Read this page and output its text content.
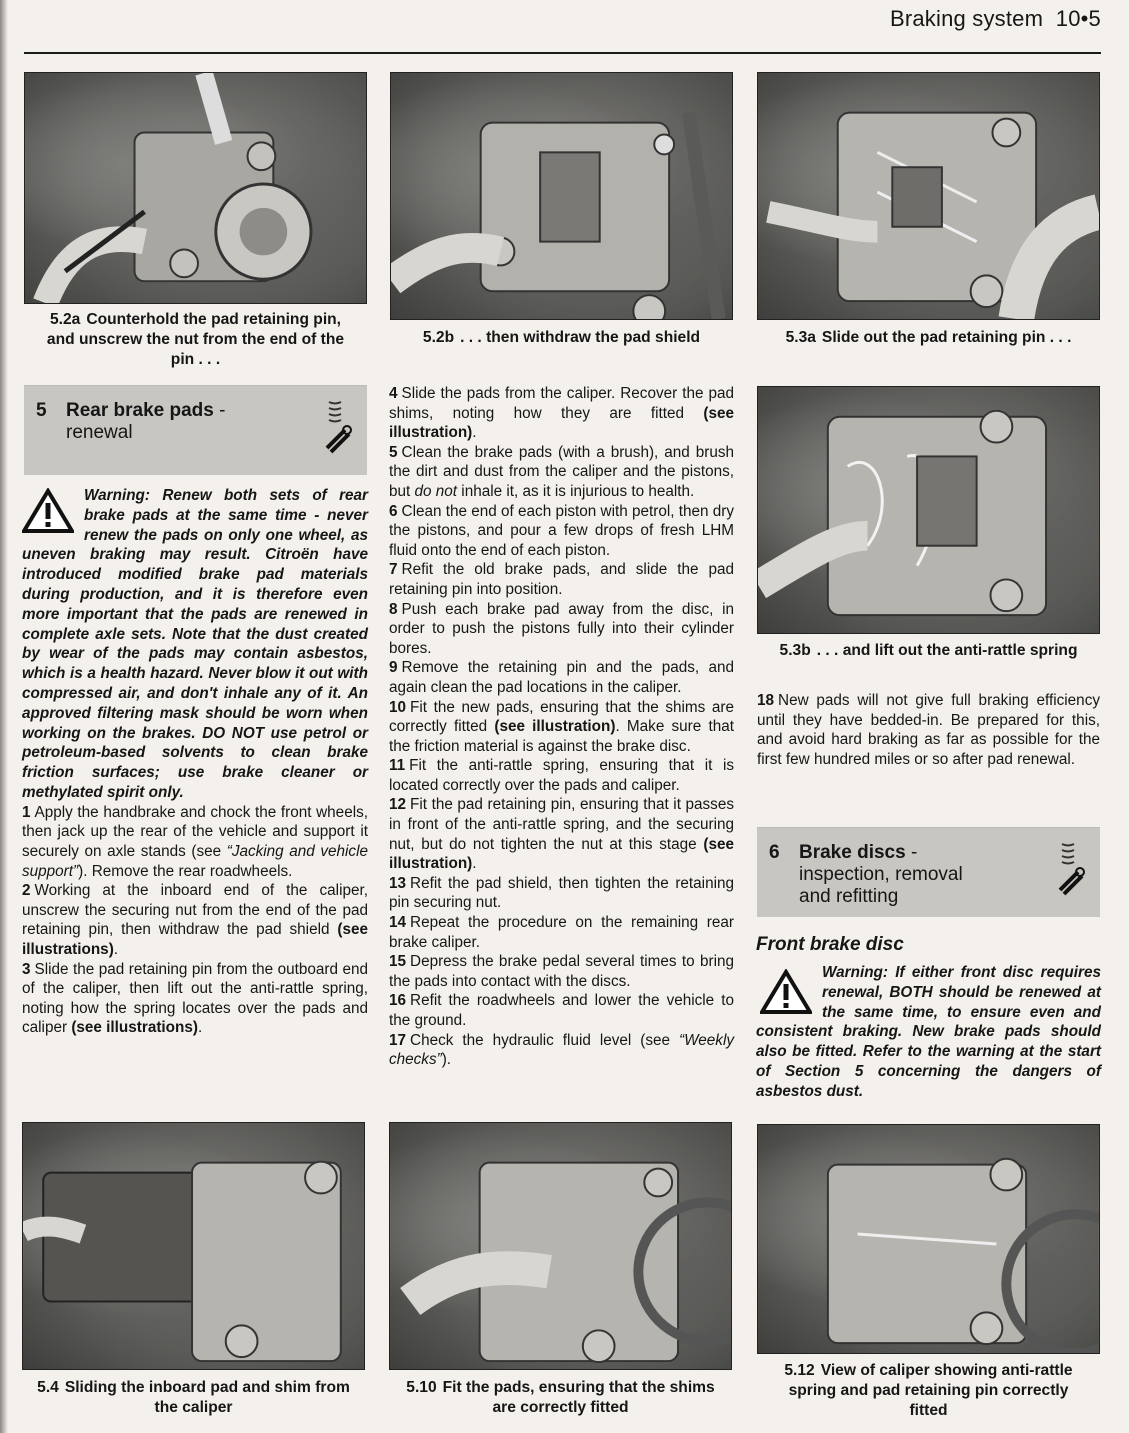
Braking system 10•5
5.2a Counterhold the pad retaining pin,
and unscrew the nut from the end of the
pin . . .
5.2b . . . then withdraw the pad shield	5.3a Slide out the pad retaining pin . . .
5 Rear brake pads -
renewal
Warning: Renew both sets of rear brake pads at the same time - never renew the pads on only one wheel, as uneven braking may result. Citroën have introduced modified brake pad materials during production, and it is therefore even more important that the pads are renewed in complete axle sets. Note that the dust created by wear of the pads may contain asbestos, which is a health hazard. Never blow it out with compressed air, and don't inhale any of it. An approved filtering mask should be worn when working on the brakes. DO NOT use petrol or petroleum-based solvents to clean brake friction surfaces; use brake cleaner or methylated spirit only.

1 Apply the handbrake and chock the front wheels, then jack up the rear of the vehicle and support it securely on axle stands (see “Jacking and vehicle support”). Remove the rear roadwheels.

2 Working at the inboard end of the caliper, unscrew the securing nut from the end of the pad retaining pin, then withdraw the pad shield (see illustrations).

3 Slide the pad retaining pin from the outboard end of the caliper, then lift out the anti-rattle spring, noting how the spring locates over the pads and caliper (see illustrations).

4 Slide the pads from the caliper. Recover the pad shims, noting how they are fitted (see illustration).

5 Clean the brake pads (with a brush), and brush the dirt and dust from the caliper and the pistons, but do not inhale it, as it is injurious to health.

6 Clean the end of each piston with petrol, then dry the pistons, and pour a few drops of fresh LHM fluid onto the end of each piston.

7 Refit the old brake pads, and slide the pad retaining pin into position.

8 Push each brake pad away from the disc, in order to push the pistons fully into their cylinder bores.

9 Remove the retaining pin and the pads, and again clean the pad locations in the caliper.

10 Fit the new pads, ensuring that the shims are correctly fitted (see illustration). Make sure that the friction material is against the brake disc.

11 Fit the anti-rattle spring, ensuring that it is located correctly over the pads and caliper.

12 Fit the pad retaining pin, ensuring that it passes in front of the anti-rattle spring, and the securing nut, but do not tighten the nut at this stage (see illustration).

13 Refit the pad shield, then tighten the retaining pin securing nut.

14 Repeat the procedure on the remaining rear brake caliper.

15 Depress the brake pedal several times to bring the pads into contact with the discs.

16 Refit the roadwheels and lower the vehicle to the ground.

17 Check the hydraulic fluid level (see “Weekly checks”).

5.3b . . . and lift out the anti-rattle spring

18 New pads will not give full braking efficiency until they have bedded-in. Be prepared for this, and avoid hard braking as far as possible for the first few hundred miles or so after pad renewal.

6 Brake discs -
inspection, removal
and refitting
Front brake disc
Warning: If either front disc requires renewal, BOTH should be renewed at the same time, to ensure even and consistent braking. New brake pads should also be fitted. Refer to the warning at the start of Section 5 concerning the dangers of asbestos dust.
5.4 Sliding the inboard pad and shim from
the caliper
5.10 Fit the pads, ensuring that the shims
are correctly fitted
5.12 View of caliper showing anti-rattle
spring and pad retaining pin correctly
fitted
